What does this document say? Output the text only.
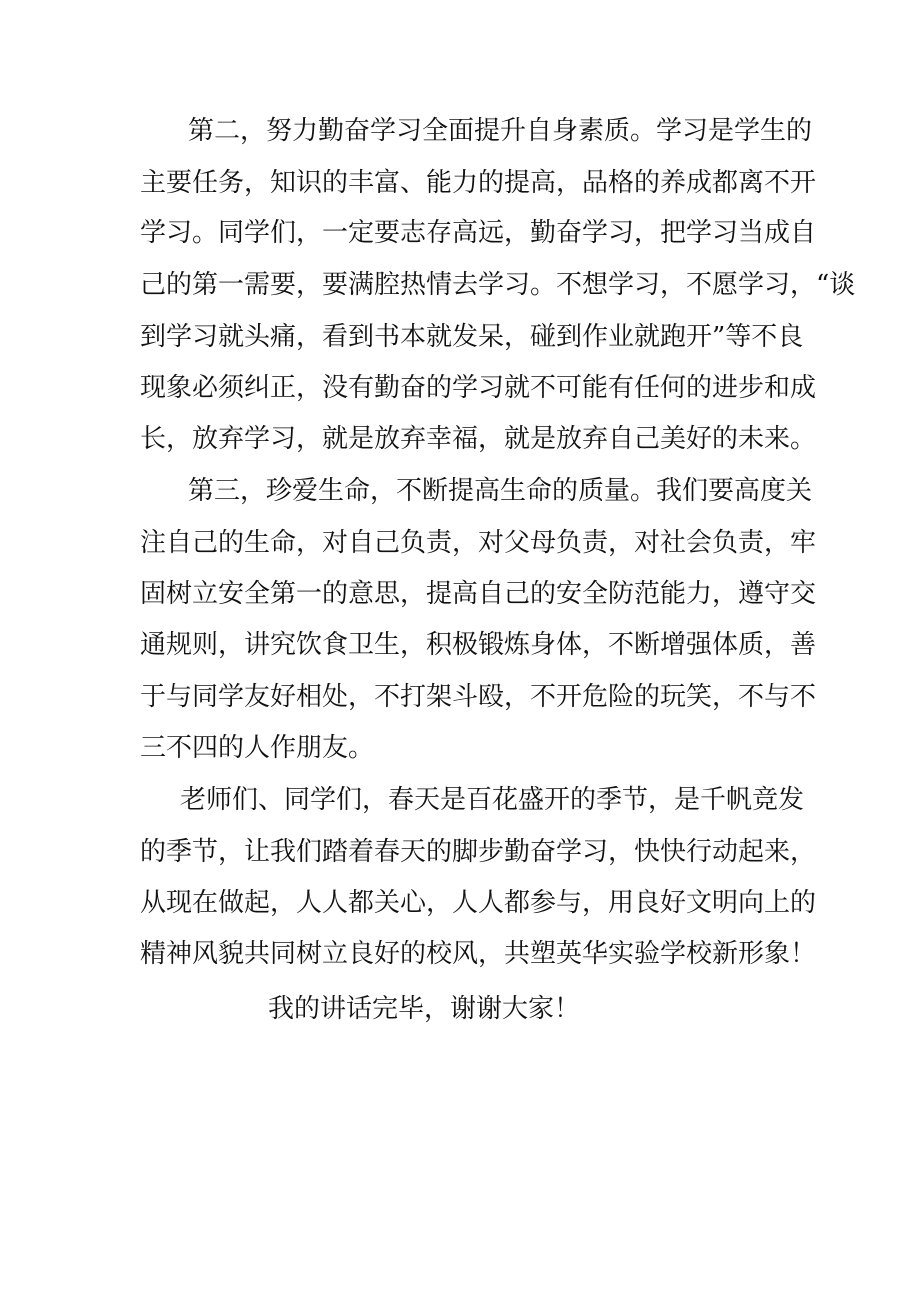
第二，努力勤奋学习全面提升自身素质。学习是学生的
主要任务，知识的丰富、能力的提高，品格的养成都离不开
学习。同学们，一定要志存高远，勤奋学习，把学习当成自
己的第一需要，要满腔热情去学习。不想学习，不愿学习，“谈
到学习就头痛，看到书本就发呆，碰到作业就跑开”等不良
现象必须纠正，没有勤奋的学习就不可能有任何的进步和成
长，放弃学习，就是放弃幸福，就是放弃自己美好的未来。
第三，珍爱生命，不断提高生命的质量。我们要高度关
注自己的生命，对自己负责，对父母负责，对社会负责，牢
固树立安全第一的意思，提高自己的安全防范能力，遵守交
通规则，讲究饮食卫生，积极锻炼身体，不断增强体质，善
于与同学友好相处，不打架斗殴，不开危险的玩笑，不与不
三不四的人作朋友。
老师们、同学们，春天是百花盛开的季节，是千帆竞发
的季节，让我们踏着春天的脚步勤奋学习，快快行动起来，
从现在做起，人人都关心，人人都参与，用良好文明向上的
精神风貌共同树立良好的校风，共塑英华实验学校新形象！
我的讲话完毕，谢谢大家！
